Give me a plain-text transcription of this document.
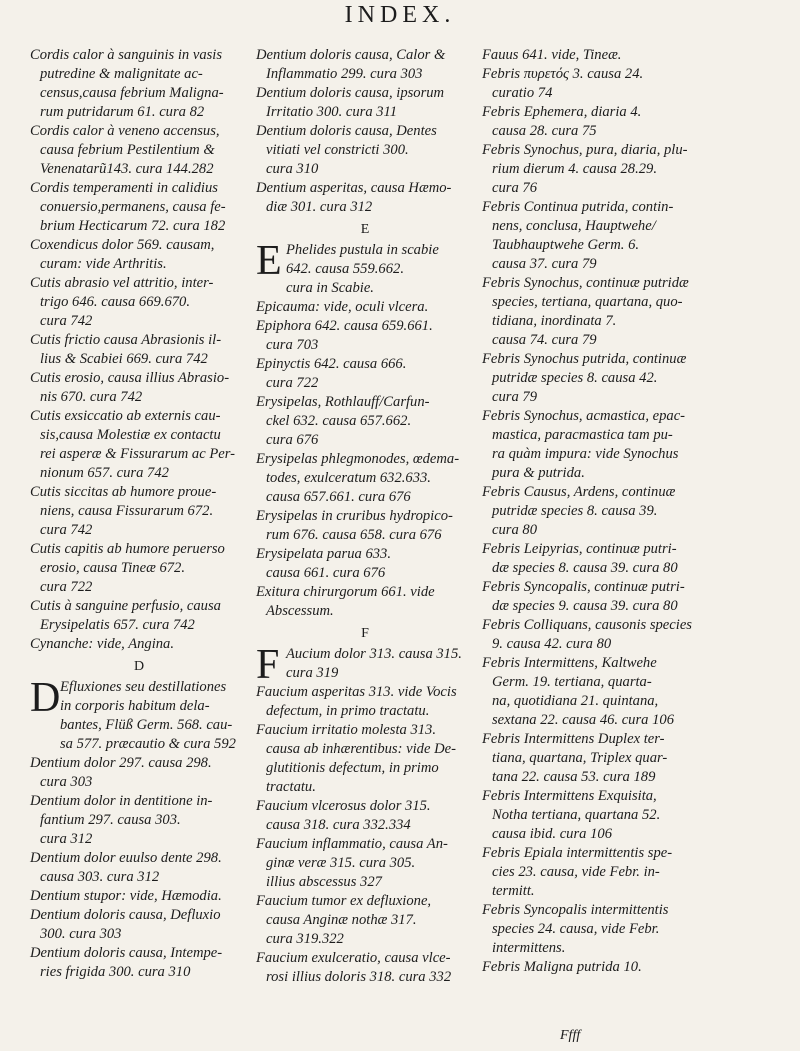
INDEX.
Cordis calor à sanguinis in vasis
putredine & malignitate ac-
census,causa febrium Maligna-
rum putridarum 61. cura 82
Cordis calor à veneno accensus,
causa febrium Pestilentium &
Venenatarũ143. cura 144.282
Cordis temperamenti in calidius
conuersio,permanens, causa fe-
brium Hecticarum 72. cura 182
Coxendicus dolor 569. causam,
curam: vide Arthritis.
Cutis abrasio vel attritio, inter-
trigo 646. causa 669.670.
cura 742
Cutis frictio causa Abrasionis il-
lius & Scabiei 669. cura 742
Cutis erosio, causa illius Abrasio-
nis 670. cura 742
Cutis exsiccatio ab externis cau-
sis,causa Molestiæ ex contactu
rei asperæ & Fissurarum ac Per-
nionum 657. cura 742
Cutis siccitas ab humore proue-
niens, causa Fissurarum 672.
cura 742
Cutis capitis ab humore peruerso
erosio, causa Tineæ 672.
cura 722
Cutis à sanguine perfusio, causa
Erysipelatis 657. cura 742
Cynanche: vide, Angina.
D
D Efluxiones seu destillationes
in corporis habitum dela-
bantes, Flüß Germ. 568. cau-
sa 577. præcautio & cura 592
Dentium dolor 297. causa 298.
cura 303
Dentium dolor in dentitione in-
fantium 297. causa 303.
cura 312
Dentium dolor euulso dente 298.
causa 303. cura 312
Dentium stupor: vide, Hæmodia.
Dentium doloris causa, Defluxio
300. cura 303
Dentium doloris causa, Intempe-
ries frigida 300. cura 310
Dentium doloris causa, Calor &
Inflammatio 299. cura 303
Dentium doloris causa, ipsorum
Irritatio 300. cura 311
Dentium doloris causa, Dentes
vitiati vel constricti 300.
cura 310
Dentium asperitas, causa Hæmo-
diæ 301. cura 312
E
E Phelides pustula in scabie
642. causa 559.662.
cura in Scabie.
Epicauma: vide, oculi vlcera.
Epiphora 642. causa 659.661.
cura 703
Epinyctis 642. causa 666.
cura 722
Erysipelas, Rothlauff/Carfun-
ckel 632. causa 657.662.
cura 676
Erysipelas phlegmonodes, œdema-
todes, exulceratum 632.633.
causa 657.661. cura 676
Erysipelas in cruribus hydropico-
rum 676. causa 658. cura 676
Erysipelata parua 633.
causa 661. cura 676
Exitura chirurgorum 661. vide
Abscessum.
F
F Aucium dolor 313. causa 315.
cura 319
Faucium asperitas 313. vide Vocis
defectum, in primo tractatu.
Faucium irritatio molesta 313.
causa ab inhærentibus: vide De-
glutitionis defectum, in primo
tractatu.
Faucium vlcerosus dolor 315.
causa 318. cura 332.334
Faucium inflammatio, causa An-
ginæ veræ 315. cura 305.
illius abscessus 327
Faucium tumor ex defluxione,
causa Anginæ nothæ 317.
cura 319.322
Faucium exulceratio, causa vlce-
rosi illius doloris 318. cura 332
Fauus 641. vide, Tineæ.
Febris πυρετός 3. causa 24.
curatio 74
Febris Ephemera, diaria 4.
causa 28. cura 75
Febris Synochus, pura, diaria, plu-
rium dierum 4. causa 28.29.
cura 76
Febris Continua putrida, contin-
nens, conclusa, Hauptwehe/
Taubhauptwehe Germ. 6.
causa 37. cura 79
Febris Synochus, continuæ putridæ
species, tertiana, quartana, quo-
tidiana, inordinata 7.
causa 74. cura 79
Febris Synochus putrida, continuæ
putridæ species 8. causa 42.
cura 79
Febris Synochus, acmastica, epac-
mastica, paracmastica tam pu-
ra quàm impura: vide Synochus
pura & putrida.
Febris Causus, Ardens, continuæ
putridæ species 8. causa 39.
cura 80
Febris Leipyrias, continuæ putri-
dæ species 8. causa 39. cura 80
Febris Syncopalis, continuæ putri-
dæ species 9. causa 39. cura 80
Febris Colliquans, causonis species
9. causa 42. cura 80
Febris Intermittens, Kaltwehe
Germ. 19. tertiana, quarta-
na, quotidiana 21. quintana,
sextana 22. causa 46. cura 106
Febris Intermittens Duplex ter-
tiana, quartana, Triplex quar-
tana 22. causa 53. cura 189
Febris Intermittens Exquisita,
Notha tertiana, quartana 52.
causa ibid. cura 106
Febris Epiala intermittentis spe-
cies 23. causa, vide Febr. in-
termitt.
Febris Syncopalis intermittentis
species 24. causa, vide Febr.
intermittens.
Febris Maligna putrida 10.
Ffff
